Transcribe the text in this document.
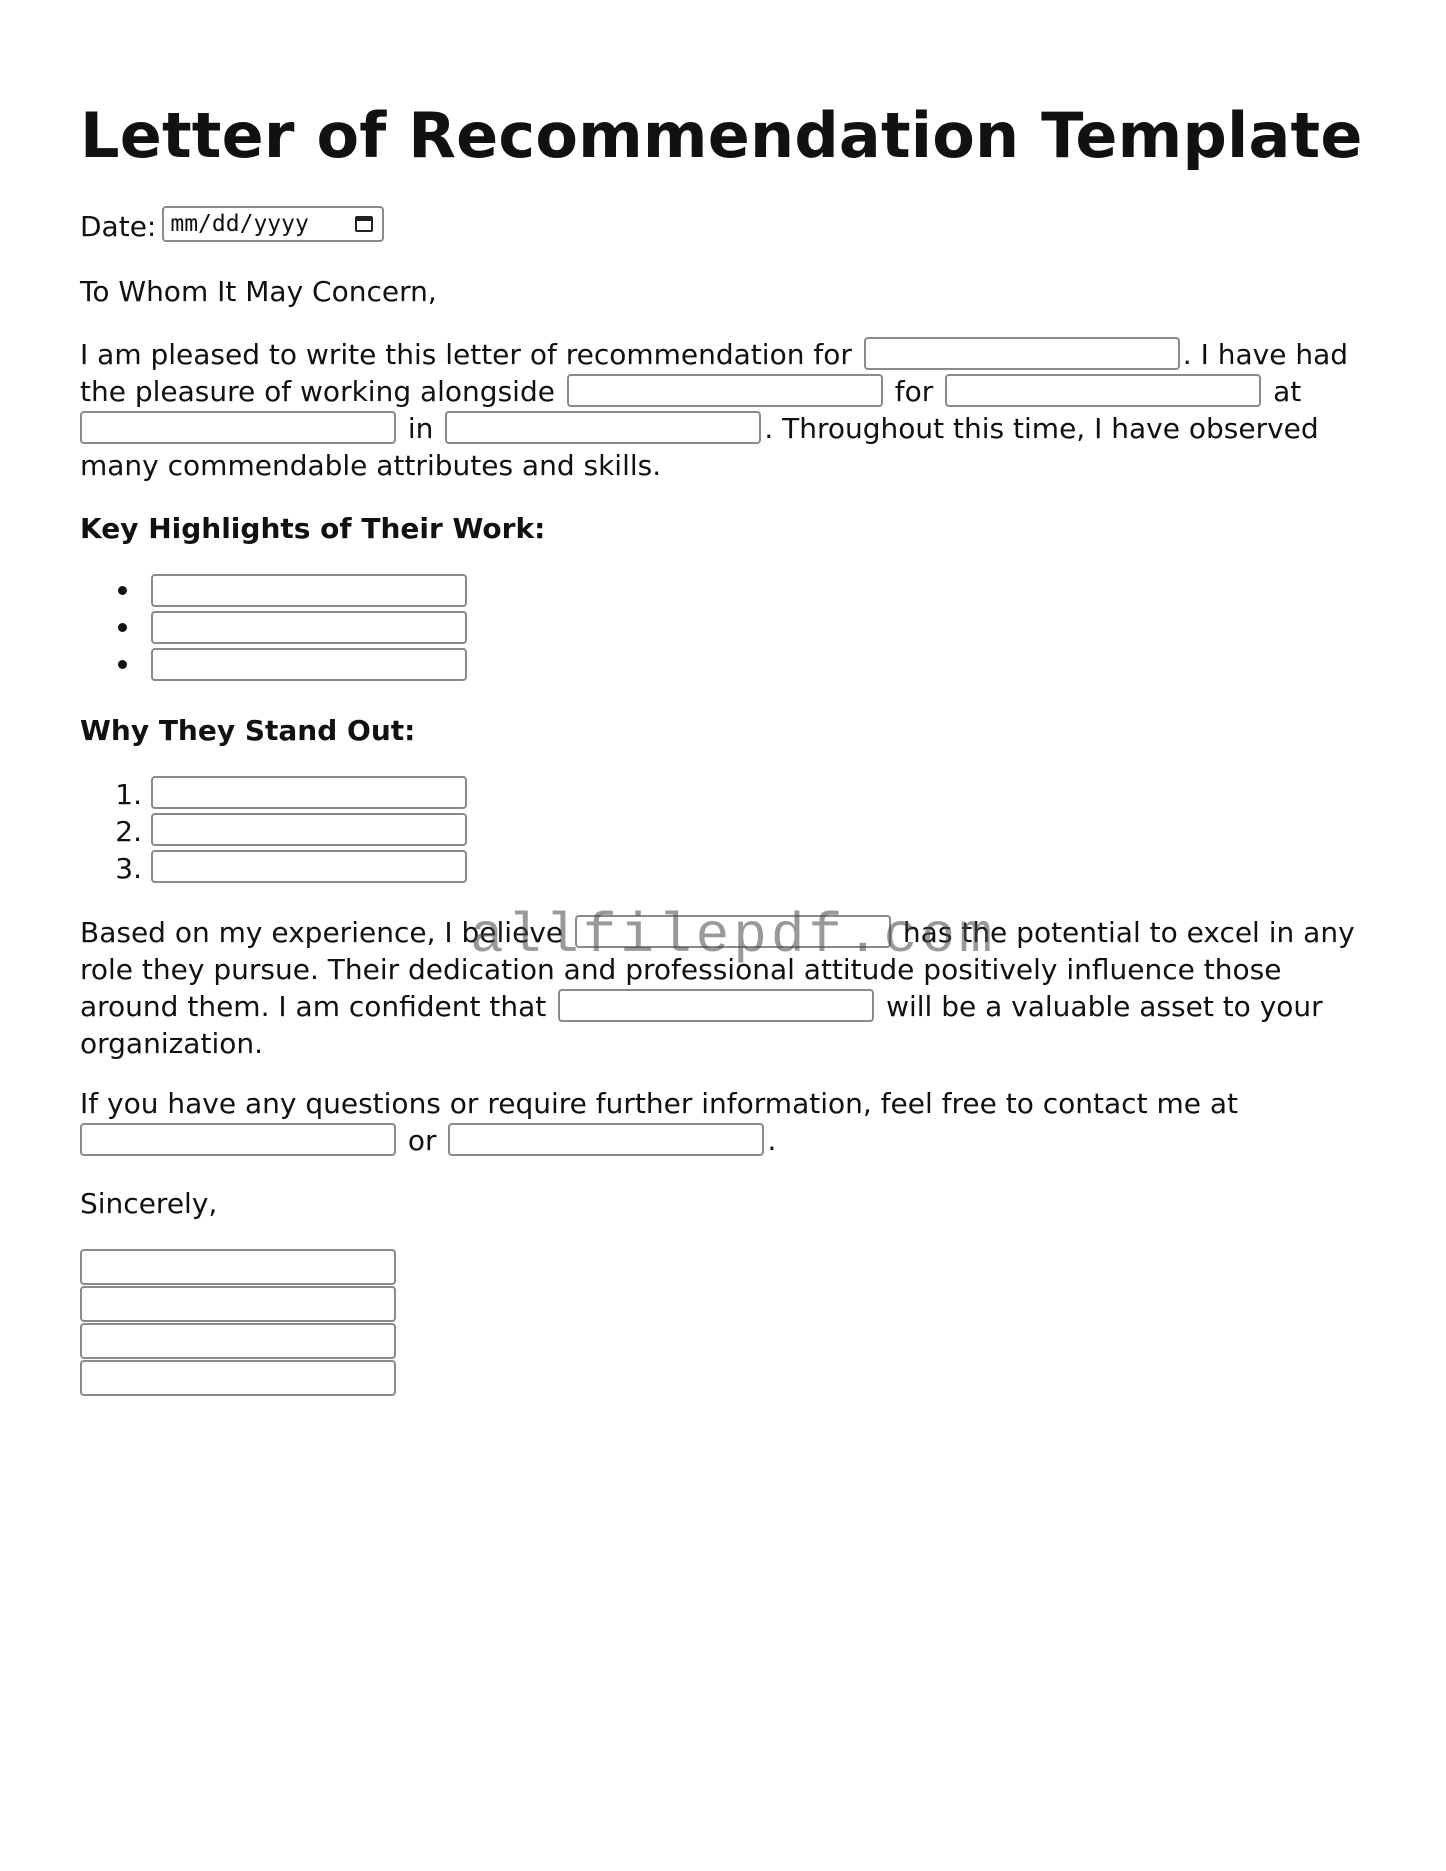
Letter of Recommendation Template

Date: mm/dd/yyyy

To Whom It May Concern,

I am pleased to write this letter of recommendation for	. I have had the pleasure of working alongside	for	at  in	. Throughout this time, I have observed many commendable attributes and skills.

Key Highlights of Their Work:
Why They Stand Out:
1.
2.
3.

Based on my experience, I believe	has the potential to excel in any role they pursue. Their dedication and professional attitude positively influence those around them. I am confident that	will be a valuable asset to your organization.

If you have any questions or require further information, feel free to contact me at  or	.

Sincerely,

allfilepdf.com
